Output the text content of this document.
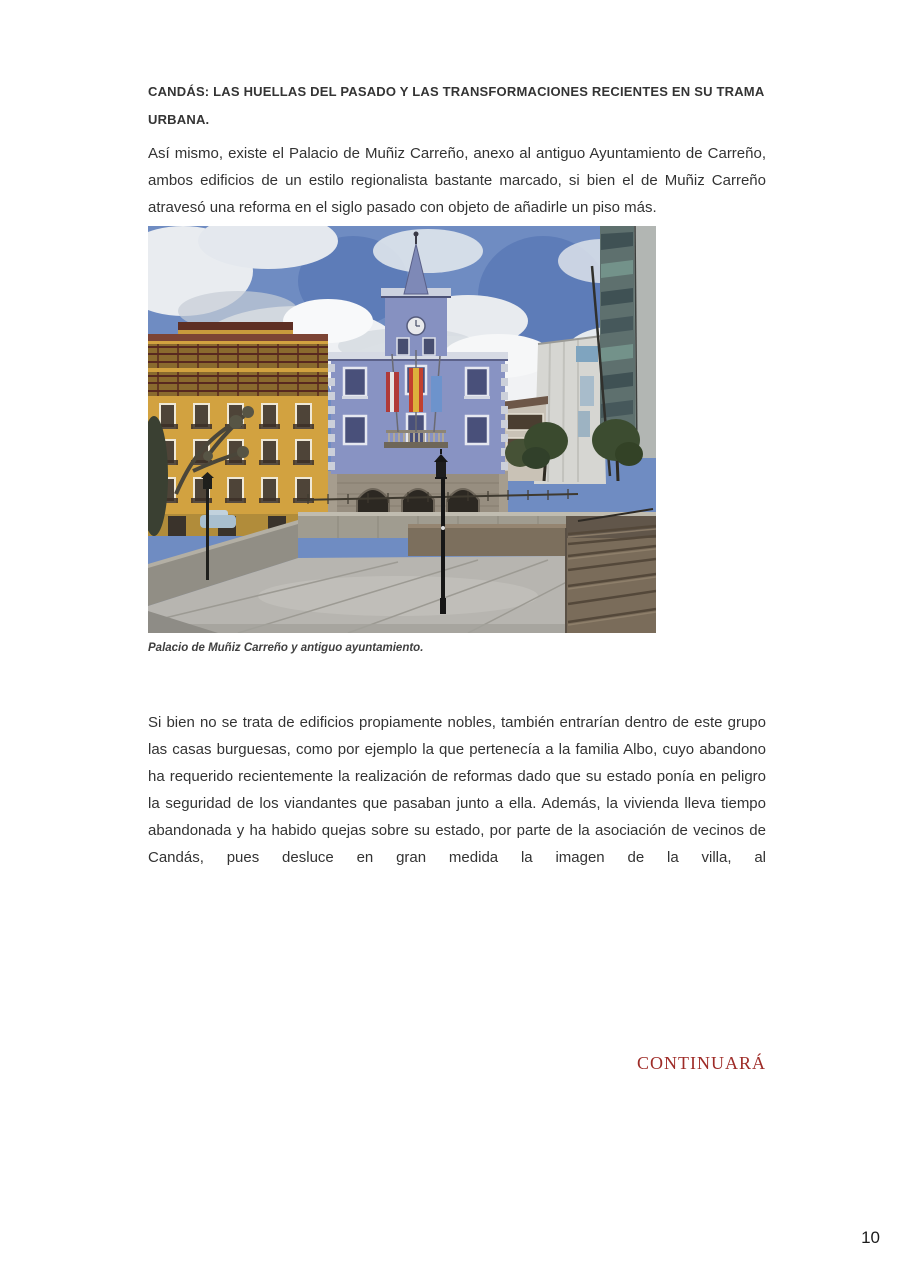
CANDÁS: LAS HUELLAS DEL PASADO Y LAS TRANSFORMACIONES RECIENTES EN SU TRAMA URBANA.
Así mismo, existe el Palacio de Muñiz Carreño, anexo al antiguo Ayuntamiento de Carreño, ambos edificios de un estilo regionalista bastante marcado, si bien el de Muñiz Carreño atravesó una reforma en el siglo pasado con objeto de añadirle un piso más.
Palacio de Muñiz Carreño y antiguo ayuntamiento.
Si bien no se trata de edificios propiamente nobles, también entrarían dentro de este grupo las casas burguesas, como por ejemplo la que pertenecía a la familia Albo, cuyo abandono ha requerido recientemente la realización de reformas dado que su estado ponía en peligro la seguridad de los viandantes que pasaban junto a ella. Además, la vivienda lleva tiempo abandonada y ha habido quejas sobre su estado, por parte de la asociación de vecinos de Candás, pues desluce en gran medida la imagen de la villa, al
CONTINUARÁ
10
